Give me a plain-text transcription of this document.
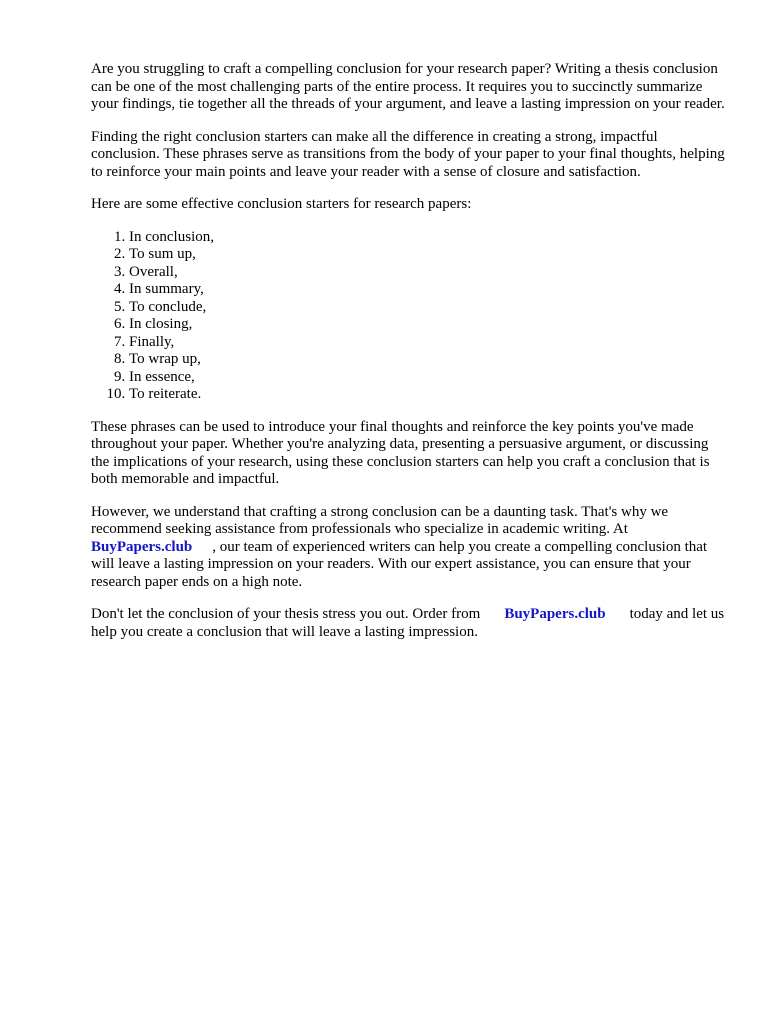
Are you struggling to craft a compelling conclusion for your research paper? Writing a thesis conclusion can be one of the most challenging parts of the entire process. It requires you to succinctly summarize your findings, tie together all the threads of your argument, and leave a lasting impression on your reader.

Finding the right conclusion starters can make all the difference in creating a strong, impactful conclusion. These phrases serve as transitions from the body of your paper to your final thoughts, helping to reinforce your main points and leave your reader with a sense of closure and satisfaction.

Here are some effective conclusion starters for research papers:

1. In conclusion,
2. To sum up,
3. Overall,
4. In summary,
5. To conclude,
6. In closing,
7. Finally,
8. To wrap up,
9. In essence,
10. To reiterate.

These phrases can be used to introduce your final thoughts and reinforce the key points you've made throughout your paper. Whether you're analyzing data, presenting a persuasive argument, or discussing the implications of your research, using these conclusion starters can help you craft a conclusion that is both memorable and impactful.

However, we understand that crafting a strong conclusion can be a daunting task. That's why we recommend seeking assistance from professionals who specialize in academic writing. At BuyPapers.club , our team of experienced writers can help you create a compelling conclusion that will leave a lasting impression on your readers. With our expert assistance, you can ensure that your research paper ends on a high note.

Don't let the conclusion of your thesis stress you out. Order from BuyPapers.club today and let us help you create a conclusion that will leave a lasting impression.
